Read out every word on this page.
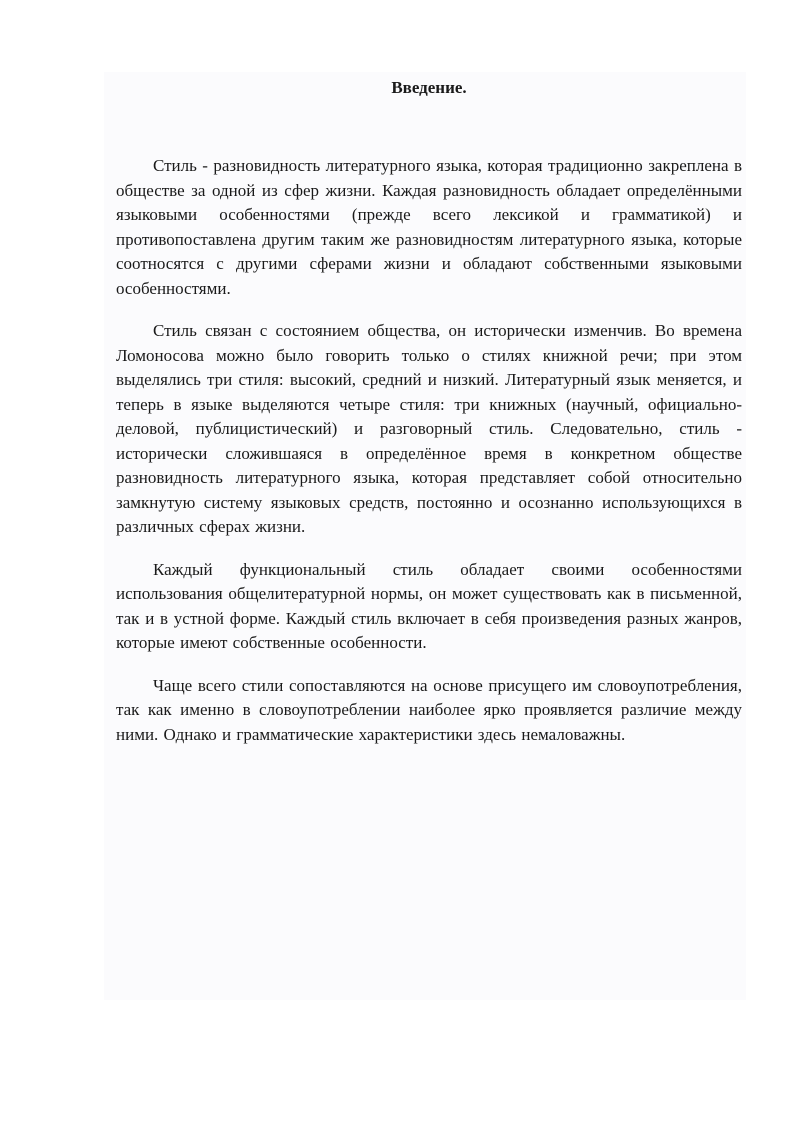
Введение.

Стиль - разновидность литературного языка, которая традиционно закреплена в обществе за одной из сфер жизни. Каждая разновидность обладает определёнными языковыми особенностями (прежде всего лексикой и грамматикой) и противопоставлена другим таким же разновидностям литературного языка, которые соотносятся с другими сферами жизни и обладают собственными языковыми особенностями.

Стиль связан с состоянием общества, он исторически изменчив. Во времена Ломоносова можно было говорить только о стилях книжной речи; при этом выделялись три стиля: высокий, средний и низкий. Литературный язык меняется, и теперь в языке выделяются четыре стиля: три книжных (научный, официально-деловой, публицистический) и разговорный стиль. Следовательно, стиль - исторически сложившаяся в определённое время в конкретном обществе разновидность литературного языка, которая представляет собой относительно замкнутую систему языковых средств, постоянно и осознанно использующихся в различных сферах жизни.

Каждый функциональный стиль обладает своими особенностями использования общелитературной нормы, он может существовать как в письменной, так и в устной форме. Каждый стиль включает в себя произведения разных жанров, которые имеют собственные особенности.

Чаще всего стили сопоставляются на основе присущего им словоупотребления, так как именно в словоупотреблении наиболее ярко проявляется различие между ними. Однако и грамматические характеристики здесь немаловажны.
